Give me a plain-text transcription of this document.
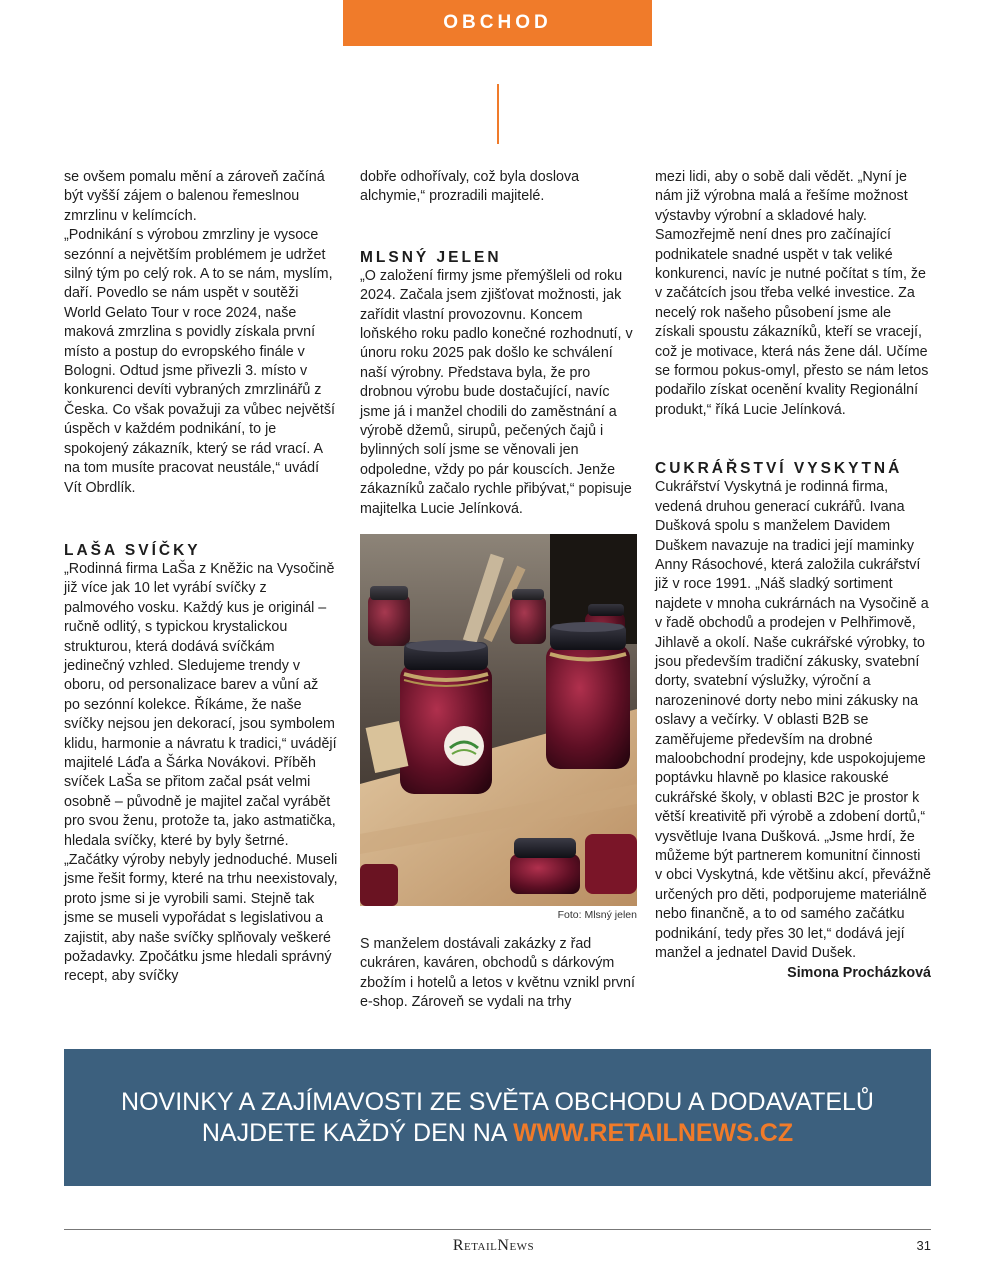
OBCHOD

se ovšem pomalu mění a zároveň začíná být vyšší zájem o balenou řemeslnou zmrzlinu v kelímcích.

„Podnikání s výrobou zmrzliny je vysoce sezónní a největším problémem je udržet silný tým po celý rok. A to se nám, myslím, daří. Povedlo se nám uspět v soutěži World Gelato Tour v roce 2024, naše maková zmrzlina s povidly získala první místo a postup do evropského finále v Bologni. Odtud jsme přivezli 3. místo v konkurenci devíti vybraných zmrzlinářů z Česka. Co však považuji za vůbec největší úspěch v každém podnikání, to je spokojený zákazník, který se rád vrací. A na tom musíte pracovat neustále,“ uvádí Vít Obrdlík.

LAŠA SVÍČKY

„Rodinná firma LaŠa z Kněžic na Vysočině již více jak 10 let vyrábí svíčky z palmového vosku. Každý kus je originál – ručně odlitý, s typickou krystalickou strukturou, která dodává svíčkám jedinečný vzhled. Sledujeme trendy v oboru, od personalizace barev a vůní až po sezónní kolekce. Říkáme, že naše svíčky nejsou jen dekorací, jsou symbolem klidu, harmonie a návratu k tradici,“ uvádějí majitelé Láďa a Šárka Novákovi. Příběh svíček LaŠa se přitom začal psát velmi osobně – původně je majitel začal vyrábět pro svou ženu, protože ta, jako astmatička, hledala svíčky, které by byly šetrné.

„Začátky výroby nebyly jednoduché. Museli jsme řešit formy, které na trhu neexistovaly, proto jsme si je vyrobili sami. Stejně tak jsme se museli vypořádat s legislativou a zajistit, aby naše svíčky splňovaly veškeré požadavky. Zpočátku jsme hledali správný recept, aby svíčky

dobře odhořívaly, což byla doslova alchymie,“ prozradili majitelé.

MLSNÝ JELEN

„O založení firmy jsme přemýšleli od roku 2024. Začala jsem zjišťovat možnosti, jak zařídit vlastní provozovnu. Koncem loňského roku padlo konečné rozhodnutí, v únoru roku 2025 pak došlo ke schválení naší výrobny. Představa byla, že pro drobnou výrobu bude dostačující, navíc jsme já i manžel chodili do zaměstnání a výrobě džemů, sirupů, pečených čajů i bylinných solí jsme se věnovali jen odpoledne, vždy po pár kouscích. Jenže zákazníků začalo rychle přibývat,“ popisuje majitelka Lucie Jelínková.

Foto: Mlsný jelen

S manželem dostávali zakázky z řad cukráren, kaváren, obchodů s dárkovým zbožím i hotelů a letos v květnu vznikl první e-shop. Zároveň se vydali na trhy

mezi lidi, aby o sobě dali vědět. „Nyní je nám již výrobna malá a řešíme možnost výstavby výrobní a skladové haly. Samozřejmě není dnes pro začínající podnikatele snadné uspět v tak veliké konkurenci, navíc je nutné počítat s tím, že v začátcích jsou třeba velké investice. Za necelý rok našeho působení jsme ale získali spoustu zákazníků, kteří se vracejí, což je motivace, která nás žene dál. Učíme se formou pokus-omyl, přesto se nám letos podařilo získat ocenění kvality Regionální produkt,“ říká Lucie Jelínková.

CUKRÁŘSTVÍ VYSKYTNÁ

Cukrářství Vyskytná je rodinná firma, vedená druhou generací cukrářů. Ivana Dušková spolu s manželem Davidem Duškem navazuje na tradici její maminky Anny Rásochové, která založila cukrářství již v roce 1991. „Náš sladký sortiment najdete v mnoha cukrárnách na Vysočině a v řadě obchodů a prodejen v Pelhřimově, Jihlavě a okolí. Naše cukrářské výrobky, to jsou především tradiční zákusky, svatební dorty, svatební výslužky, výroční a narozeninové dorty nebo mini zákusky na oslavy a večírky. V oblasti B2B se zaměřujeme především na drobné maloobchodní prodejny, kde uspokojujeme poptávku hlavně po klasice rakouské cukrářské školy, v oblasti B2C je prostor k větší kreativitě při výrobě a zdobení dortů,“ vysvětluje Ivana Dušková. „Jsme hrdí, že můžeme být partnerem komunitní činnosti v obci Vyskytná, kde většinu akcí, převážně určených pro děti, podporujeme materiálně nebo finančně, a to od samého začátku podnikání, tedy přes 30 let,“ dodává její manžel a jednatel David Dušek.

Simona Procházková

NOVINKY A ZAJÍMAVOSTI ZE SVĚTA OBCHODU A DODAVATELŮ
NAJDETE KAŽDÝ DEN NA WWW.RETAILNEWS.CZ
RetailNews	31
